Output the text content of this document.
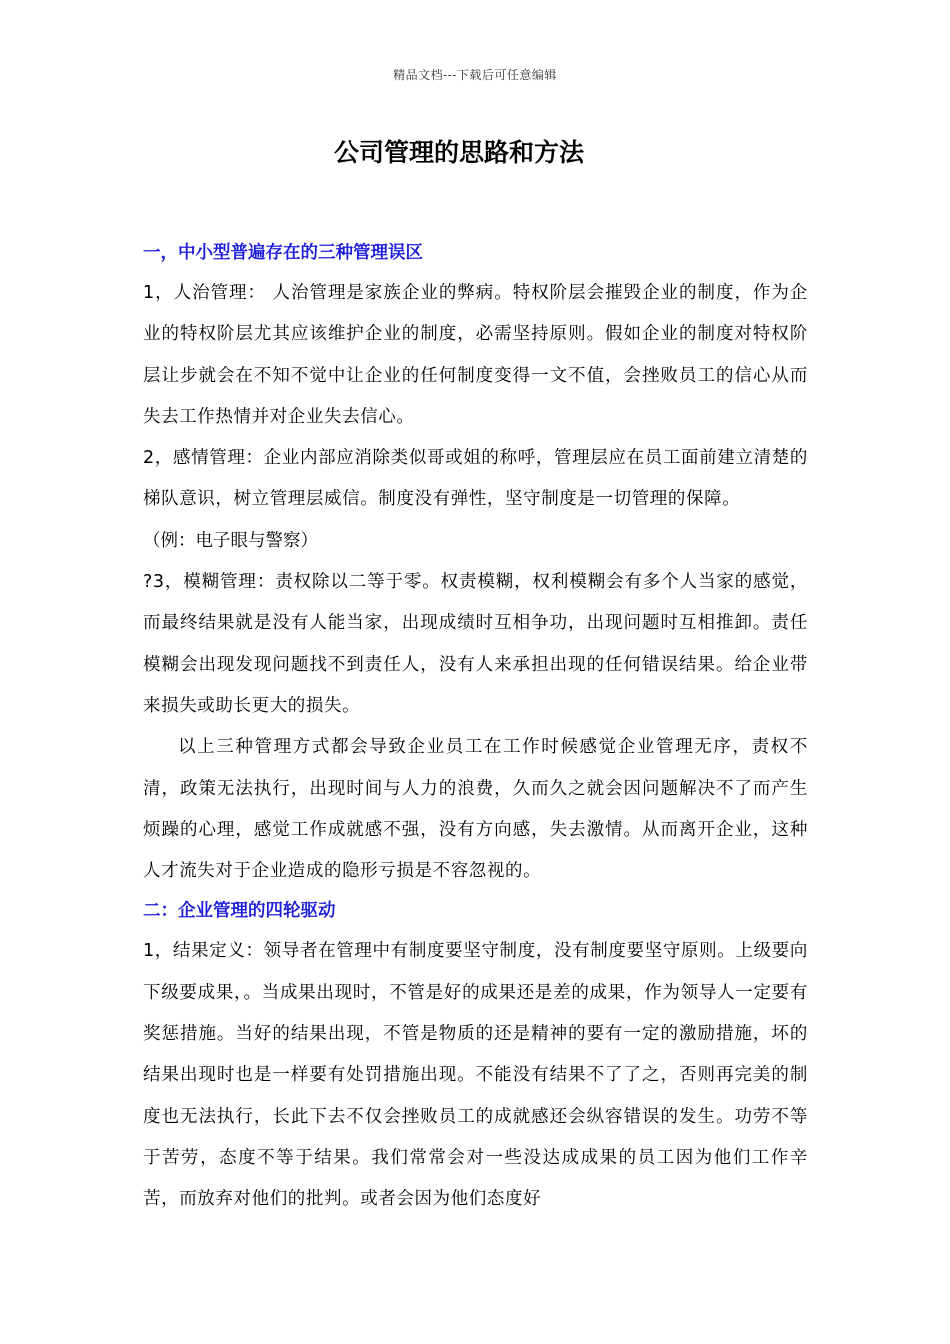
精品文档---下载后可任意编辑
公司管理的思路和方法
一，中小型普遍存在的三种管理误区

1，人治管理： 人治管理是家族企业的弊病。特权阶层会摧毁企业的制度，作为企业的特权阶层尤其应该维护企业的制度，必需坚持原则。假如企业的制度对特权阶层让步就会在不知不觉中让企业的任何制度变得一文不值，会挫败员工的信心从而失去工作热情并对企业失去信心。

2，感情管理：企业内部应消除类似哥或姐的称呼，管理层应在员工面前建立清楚的梯队意识，树立管理层威信。制度没有弹性，坚守制度是一切管理的保障。

（例：电子眼与警察）

?3，模糊管理：责权除以二等于零。权责模糊，权利模糊会有多个人当家的感觉，而最终结果就是没有人能当家，出现成绩时互相争功，出现问题时互相推卸。责任模糊会出现发现问题找不到责任人，没有人来承担出现的任何错误结果。给企业带来损失或助长更大的损失。

以上三种管理方式都会导致企业员工在工作时候感觉企业管理无序，责权不清，政策无法执行，出现时间与人力的浪费，久而久之就会因问题解决不了而产生烦躁的心理，感觉工作成就感不强，没有方向感，失去激情。从而离开企业，这种人才流失对于企业造成的隐形亏损是不容忽视的。

二：企业管理的四轮驱动

1，结果定义：领导者在管理中有制度要坚守制度，没有制度要坚守原则。上级要向下级要成果，。当成果出现时，不管是好的成果还是差的成果，作为领导人一定要有奖惩措施。当好的结果出现，不管是物质的还是精神的要有一定的激励措施，坏的结果出现时也是一样要有处罚措施出现。不能没有结果不了了之，否则再完美的制度也无法执行，长此下去不仅会挫败员工的成就感还会纵容错误的发生。功劳不等于苦劳，态度不等于结果。我们常常会对一些没达成成果的员工因为他们工作辛苦，而放弃对他们的批判。或者会因为他们态度好
